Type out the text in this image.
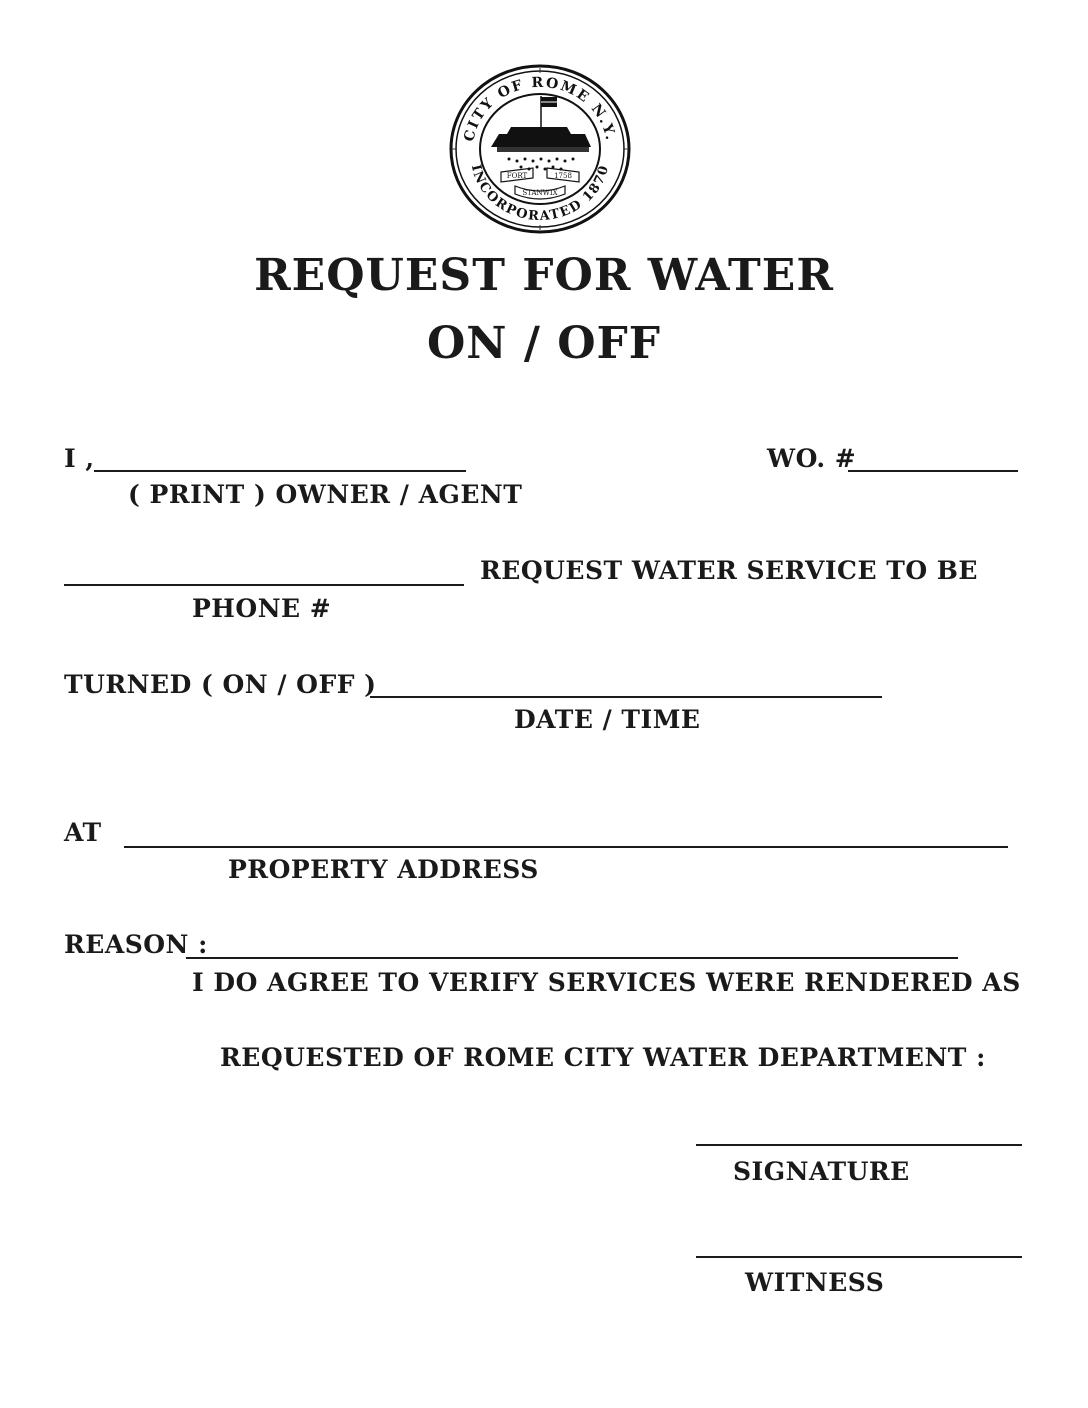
CITY OF ROME N.Y.
INCORPORATED 1870
FORT	1758
STANWIX
REQUEST FOR WATER
ON / OFF
I ,	WO. #
( PRINT ) OWNER / AGENT
REQUEST WATER SERVICE TO BE
PHONE #
TURNED ( ON / OFF )
DATE / TIME
AT
PROPERTY ADDRESS
REASON :
I DO AGREE TO VERIFY SERVICES WERE RENDERED AS
REQUESTED OF ROME CITY WATER DEPARTMENT :
SIGNATURE
WITNESS
